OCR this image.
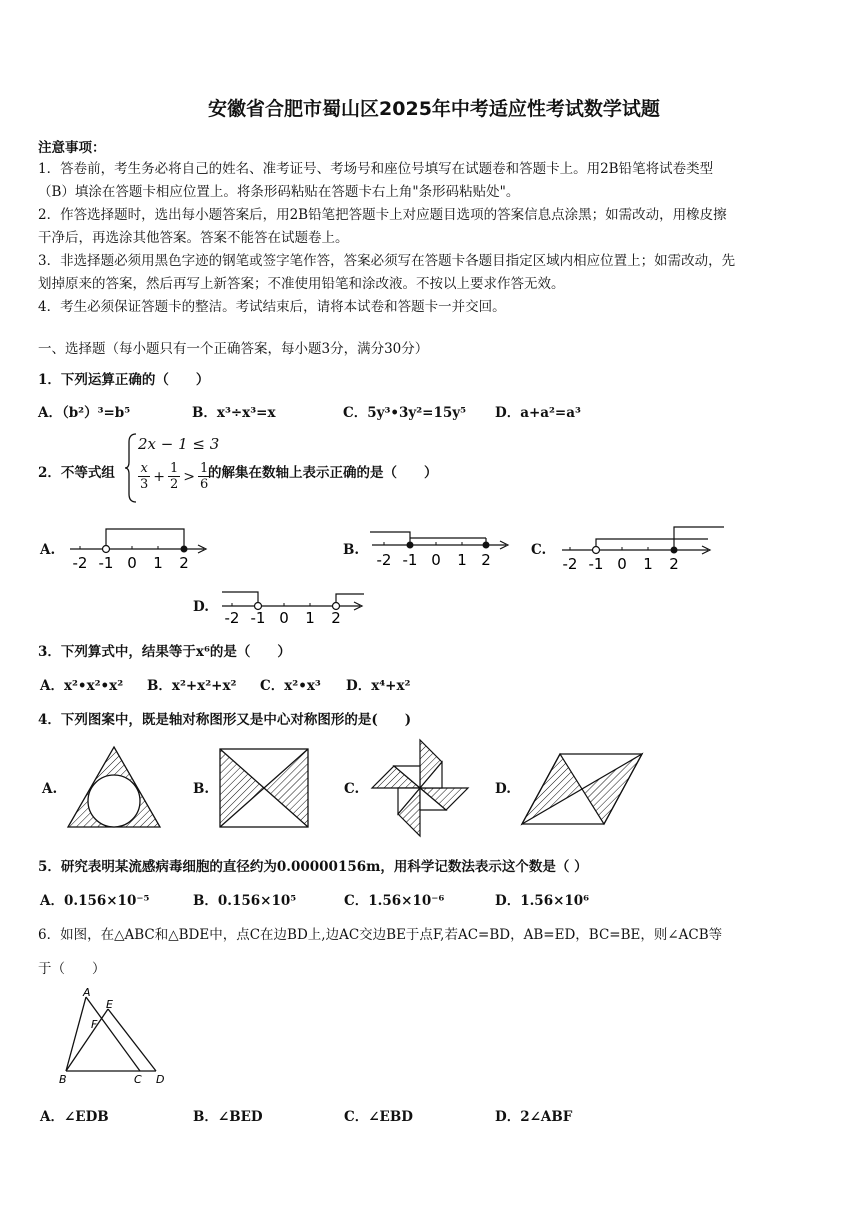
安徽省合肥市蜀山区2025年中考适应性考试数学试题
注意事项：
1．答卷前，考生务必将自己的姓名、准考证号、考场号和座位号填写在试题卷和答题卡上。用2B铅笔将试卷类型
（B）填涂在答题卡相应位置上。将条形码粘贴在答题卡右上角"条形码粘贴处"。
2．作答选择题时，选出每小题答案后，用2B铅笔把答题卡上对应题目选项的答案信息点涂黑；如需改动，用橡皮擦
干净后，再选涂其他答案。答案不能答在试题卷上。
3．非选择题必须用黑色字迹的钢笔或签字笔作答，答案必须写在答题卡各题目指定区域内相应位置上；如需改动，先
划掉原来的答案，然后再写上新答案；不准使用铅笔和涂改液。不按以上要求作答无效。
4．考生必须保证答题卡的整洁。考试结束后，请将本试卷和答题卡一并交回。
一、选择题（每小题只有一个正确答案，每小题3分，满分30分）
1．下列运算正确的（　　）
A．（b²）³=b⁵	B．x³÷x³=x	C．5y³•3y²=15y⁵ D．a+a²=a³
2．不等式组
2x − 1 ≤ 3
$\frac{x}{3} + \frac{1}{2} > \frac{1}{6}$
的解集在数轴上表示正确的是（　　）
A.
-2 -1 0 1 2
B.
-2 -1 0 1 2
C.
-2 -1 0 1 2
D.
-2 -1 0 1 2
3．下列算式中，结果等于x⁶的是（　　）
A．x²•x²•x² B．x²+x²+x² C．x²•x³ D．x⁴+x²
4．下列图案中，既是轴对称图形又是中心对称图形的是(　　)
A.	B.	C.	D.
5．研究表明某流感病毒细胞的直径约为0.00000156m，用科学记数法表示这个数是（ ）
A．0.156×10⁻⁵	B．0.156×10⁵	C．1.56×10⁻⁶	D．1.56×10⁶
6．如图，在△ABC和△BDE中，点C在边BD上,边AC交边BE于点F,若AC=BD，AB=ED，BC=BE，则∠ACB等
于（　　）
A
E
F
B	C D
A．∠EDB	B．∠BED	C．∠EBD	D．2∠ABF
